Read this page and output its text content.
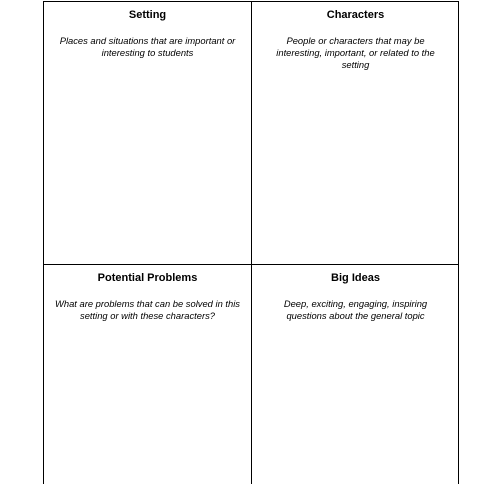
Setting
Places and situations that are important or interesting to students
Characters
People or characters that may be interesting, important, or related to the setting
Potential Problems
What are problems that can be solved in this setting or with these characters?
Big Ideas
Deep, exciting, engaging, inspiring questions about the general topic
